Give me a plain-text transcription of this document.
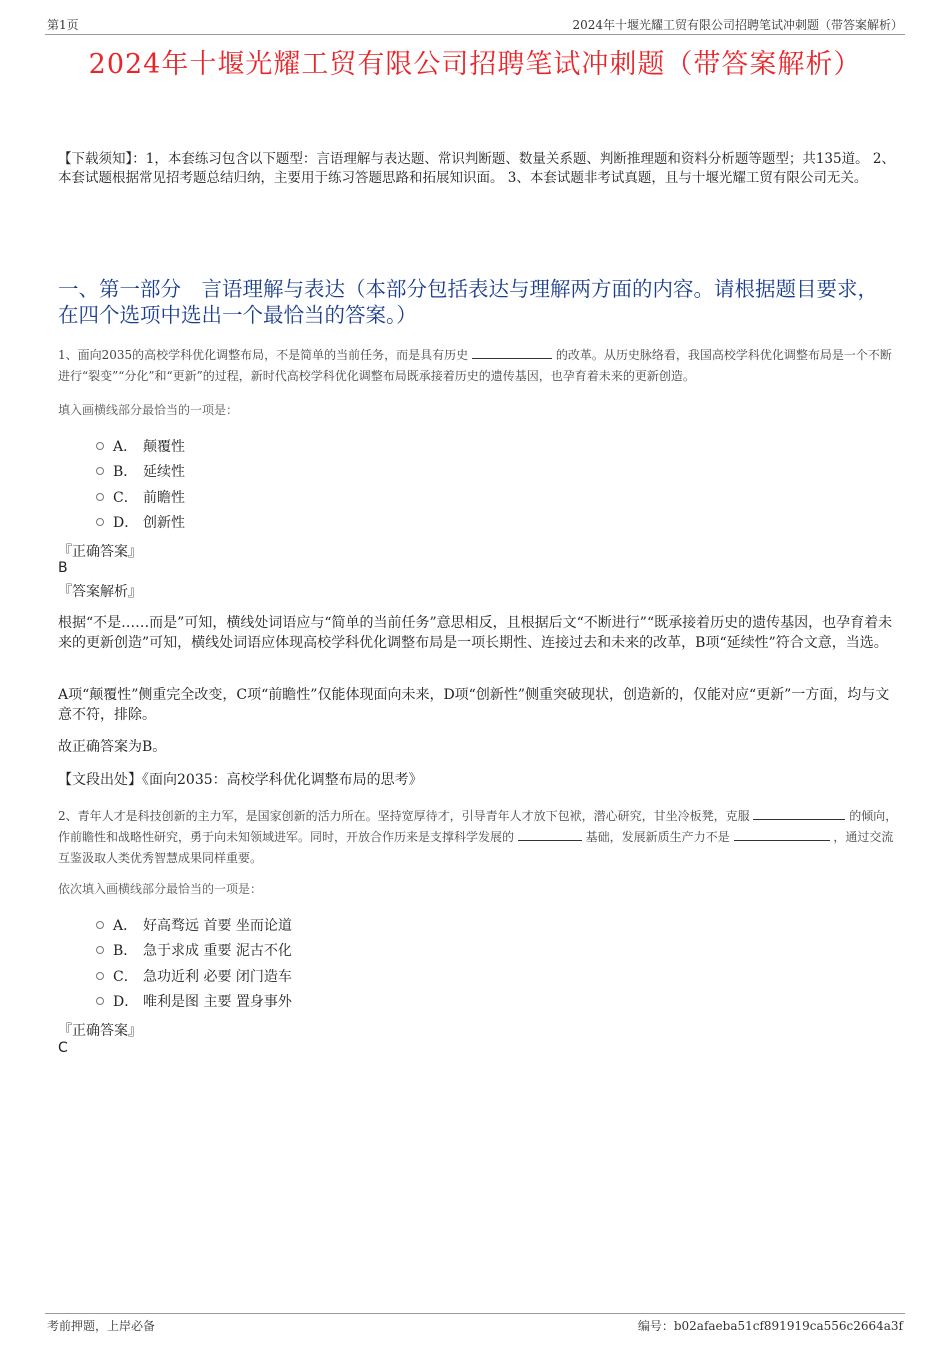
第1页	2024年十堰光耀工贸有限公司招聘笔试冲刺题（带答案解析）
2024年十堰光耀工贸有限公司招聘笔试冲刺题（带答案解析）
【下载须知】：1，本套练习包含以下题型：言语理解与表达题、常识判断题、数量关系题、判断推理题和资料分析题等题型；共135道。 2、本套试题根据常见招考题总结归纳，主要用于练习答题思路和拓展知识面。 3、本套试题非考试真题，且与十堰光耀工贸有限公司无关。
一、第一部分　言语理解与表达（本部分包括表达与理解两方面的内容。请根据题目要求，在四个选项中选出一个最恰当的答案。）
1、面向2035的高校学科优化调整布局，不是简单的当前任务，而是具有历史	的改革。从历史脉络看，我国高校学科优化调整布局是一个不断进行“裂变”“分化”和“更新”的过程，新时代高校学科优化调整布局既承接着历史的遗传基因，也孕育着未来的更新创造。
填入画横线部分最恰当的一项是：
A． 颠覆性
B． 延续性
C． 前瞻性
D． 创新性
『正确答案』
B
『答案解析』
根据“不是……而是”可知，横线处词语应与“简单的当前任务”意思相反，且根据后文“不断进行”“既承接着历史的遗传基因，也孕育着未来的更新创造”可知，横线处词语应体现高校学科优化调整布局是一项长期性、连接过去和未来的改革，B项“延续性”符合文意，当选。
A项“颠覆性”侧重完全改变，C项“前瞻性”仅能体现面向未来，D项“创新性”侧重突破现状，创造新的，仅能对应“更新”一方面，均与文意不符，排除。
故正确答案为B。
【文段出处】《面向2035：高校学科优化调整布局的思考》
2、青年人才是科技创新的主力军，是国家创新的活力所在。坚持宽厚待才，引导青年人才放下包袱，潜心研究，甘坐冷板凳，克服	的倾向，作前瞻性和战略性研究，勇于向未知领域进军。同时，开放合作历来是支撑科学发展的	基础，发展新质生产力不是	，通过交流互鉴汲取人类优秀智慧成果同样重要。
依次填入画横线部分最恰当的一项是：
A． 好高骛远 首要 坐而论道
B． 急于求成 重要 泥古不化
C． 急功近利 必要 闭门造车
D． 唯利是图 主要 置身事外
『正确答案』
C
考前押题，上岸必备	编号：b02afaeba51cf891919ca556c2664a3f
